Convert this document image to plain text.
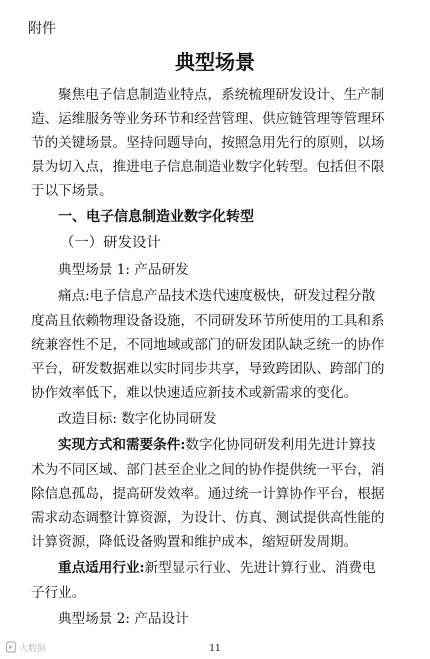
附件
典型场景
聚焦电子信息制造业特点，系统梳理研发设计、生产制
造、运维服务等业务环节和经营管理、供应链管理等管理环
节的关键场景。坚持问题导向，按照急用先行的原则，以场
景为切入点，推进电子信息制造业数字化转型。包括但不限
于以下场景。
一、电子信息制造业数字化转型
（一）研发设计
典型场景 1: 产品研发
痛点:电子信息产品技术迭代速度极快，研发过程分散
度高且依赖物理设备设施，不同研发环节所使用的工具和系
统兼容性不足，不同地域或部门的研发团队缺乏统一的协作
平台，研发数据难以实时同步共享，导致跨团队、跨部门的
协作效率低下，难以快速适应新技术或新需求的变化。
改造目标: 数字化协同研发
实现方式和需要条件:数字化协同研发利用先进计算技
术为不同区域、部门甚至企业之间的协作提供统一平台，消
除信息孤岛，提高研发效率。通过统一计算协作平台，根据
需求动态调整计算资源，为设计、仿真、测试提供高性能的
计算资源，降低设备购置和维护成本，缩短研发周期。
重点适用行业:新型显示行业、先进计算行业、消费电
子行业。
典型场景 2: 产品设计
11
大数据
